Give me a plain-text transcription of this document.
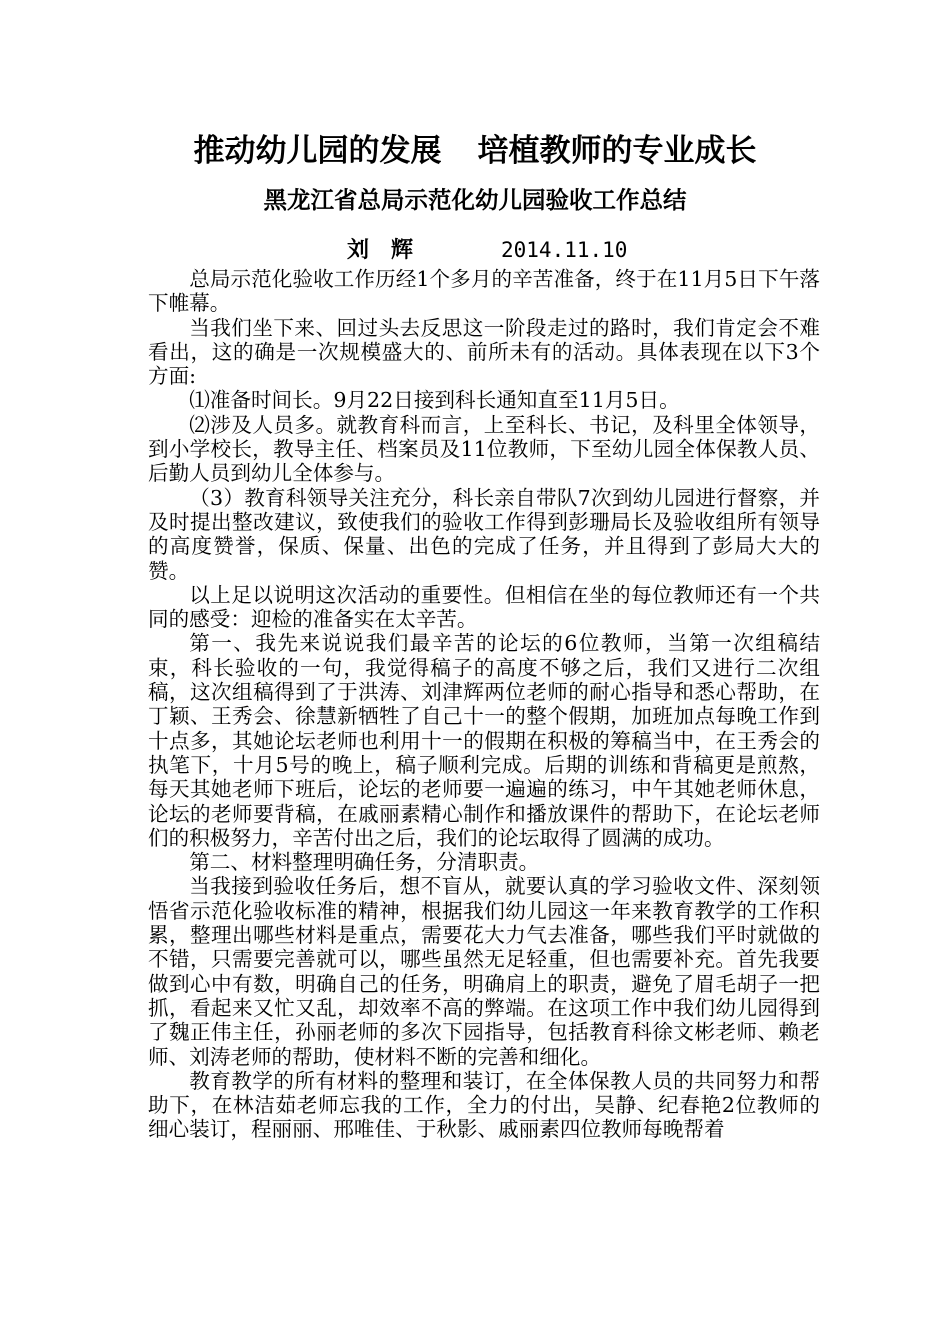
推动幼儿园的发展 培植教师的专业成长
黑龙江省总局示范化幼儿园验收工作总结
刘辉	2014.11.10

总局示范化验收工作历经1个多月的辛苦准备，终于在11月5日下午落下帷幕。

当我们坐下来、回过头去反思这一阶段走过的路时，我们肯定会不难看出，这的确是一次规模盛大的、前所未有的活动。具体表现在以下3个方面:

⑴准备时间长。9月22日接到科长通知直至11月5日。

⑵涉及人员多。就教育科而言，上至科长、书记，及科里全体领导，到小学校长，教导主任、档案员及11位教师，下至幼儿园全体保教人员、后勤人员到幼儿全体参与。

（3）教育科领导关注充分，科长亲自带队7次到幼儿园进行督察，并及时提出整改建议，致使我们的验收工作得到彭珊局长及验收组所有领导的高度赞誉，保质、保量、出色的完成了任务，并且得到了彭局大大的赞。

以上足以说明这次活动的重要性。但相信在坐的每位教师还有一个共同的感受：迎检的准备实在太辛苦。

第一、我先来说说我们最辛苦的论坛的6位教师，当第一次组稿结束，科长验收的一句，我觉得稿子的高度不够之后，我们又进行二次组稿，这次组稿得到了于洪涛、刘津辉两位老师的耐心指导和悉心帮助，在丁颖、王秀会、徐慧新牺牲了自己十一的整个假期，加班加点每晚工作到十点多，其她论坛老师也利用十一的假期在积极的筹稿当中，在王秀会的执笔下，十月5号的晚上，稿子顺利完成。后期的训练和背稿更是煎熬，每天其她老师下班后，论坛的老师要一遍遍的练习，中午其她老师休息，论坛的老师要背稿，在戚丽素精心制作和播放课件的帮助下，在论坛老师们的积极努力，辛苦付出之后，我们的论坛取得了圆满的成功。

第二、材料整理明确任务，分清职责。

当我接到验收任务后，想不盲从，就要认真的学习验收文件、深刻领悟省示范化验收标准的精神，根据我们幼儿园这一年来教育教学的工作积累，整理出哪些材料是重点，需要花大力气去准备，哪些我们平时就做的不错，只需要完善就可以，哪些虽然无足轻重，但也需要补充。首先我要做到心中有数，明确自己的任务，明确肩上的职责，避免了眉毛胡子一把抓，看起来又忙又乱，却效率不高的弊端。在这项工作中我们幼儿园得到了魏正伟主任，孙丽老师的多次下园指导，包括教育科徐文彬老师、赖老师、刘涛老师的帮助，使材料不断的完善和细化。

教育教学的所有材料的整理和装订，在全体保教人员的共同努力和帮助下，在林洁茹老师忘我的工作，全力的付出，吴静、纪春艳2位教师的细心装订，程丽丽、邢唯佳、于秋影、戚丽素四位教师每晚帮着
